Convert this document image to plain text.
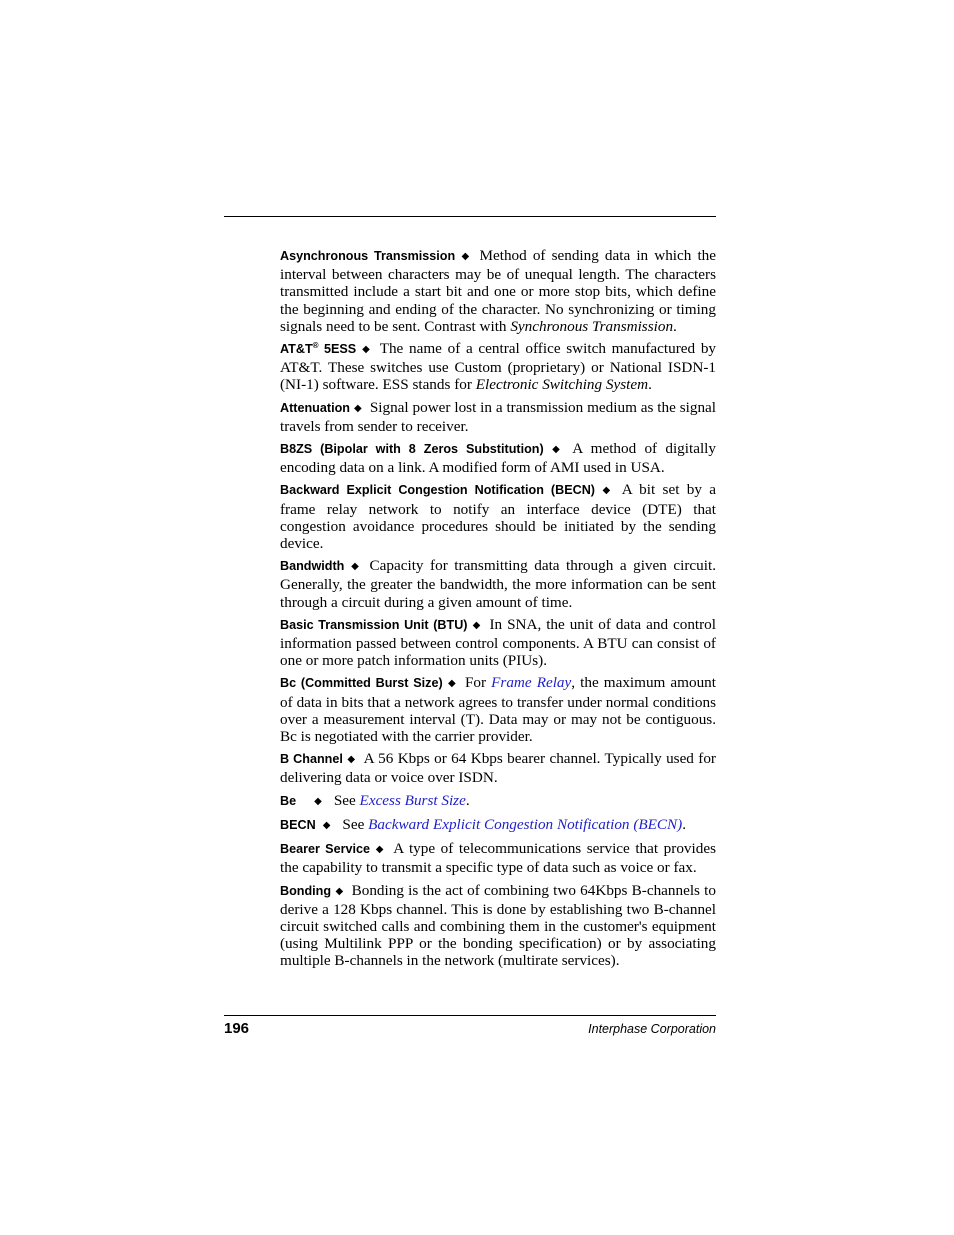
Asynchronous Transmission ◆ Method of sending data in which the interval between characters may be of unequal length. The characters transmitted include a start bit and one or more stop bits, which define the beginning and ending of the character. No synchronizing or timing signals need to be sent. Contrast with Synchronous Transmission.

AT&T® 5ESS ◆ The name of a central office switch manufactured by AT&T. These switches use Custom (proprietary) or National ISDN-1 (NI-1) software. ESS stands for Electronic Switching System.

Attenuation ◆ Signal power lost in a transmission medium as the signal travels from sender to receiver.

B8ZS (Bipolar with 8 Zeros Substitution) ◆ A method of digitally encoding data on a link. A modified form of AMI used in USA.

Backward Explicit Congestion Notification (BECN) ◆ A bit set by a frame relay network to notify an interface device (DTE) that congestion avoidance procedures should be initiated by the sending device.

Bandwidth ◆ Capacity for transmitting data through a given circuit. Generally, the greater the bandwidth, the more information can be sent through a circuit during a given amount of time.

Basic Transmission Unit (BTU) ◆ In SNA, the unit of data and control information passed between control components. A BTU can consist of one or more patch information units (PIUs).

Bc (Committed Burst Size) ◆ For Frame Relay, the maximum amount of data in bits that a network agrees to transfer under normal conditions over a measurement interval (T). Data may or may not be contiguous. Bc is negotiated with the carrier provider.

B Channel ◆ A 56 Kbps or 64 Kbps bearer channel. Typically used for delivering data or voice over ISDN.

Be ◆ See Excess Burst Size.

BECN ◆ See Backward Explicit Congestion Notification (BECN).

Bearer Service ◆ A type of telecommunications service that provides the capability to transmit a specific type of data such as voice or fax.

Bonding ◆ Bonding is the act of combining two 64Kbps B-channels to derive a 128 Kbps channel. This is done by establishing two B-channel circuit switched calls and combining them in the customer's equipment (using Multilink PPP or the bonding specification) or by associating multiple B-channels in the network (multirate services).

196	Interphase Corporation
